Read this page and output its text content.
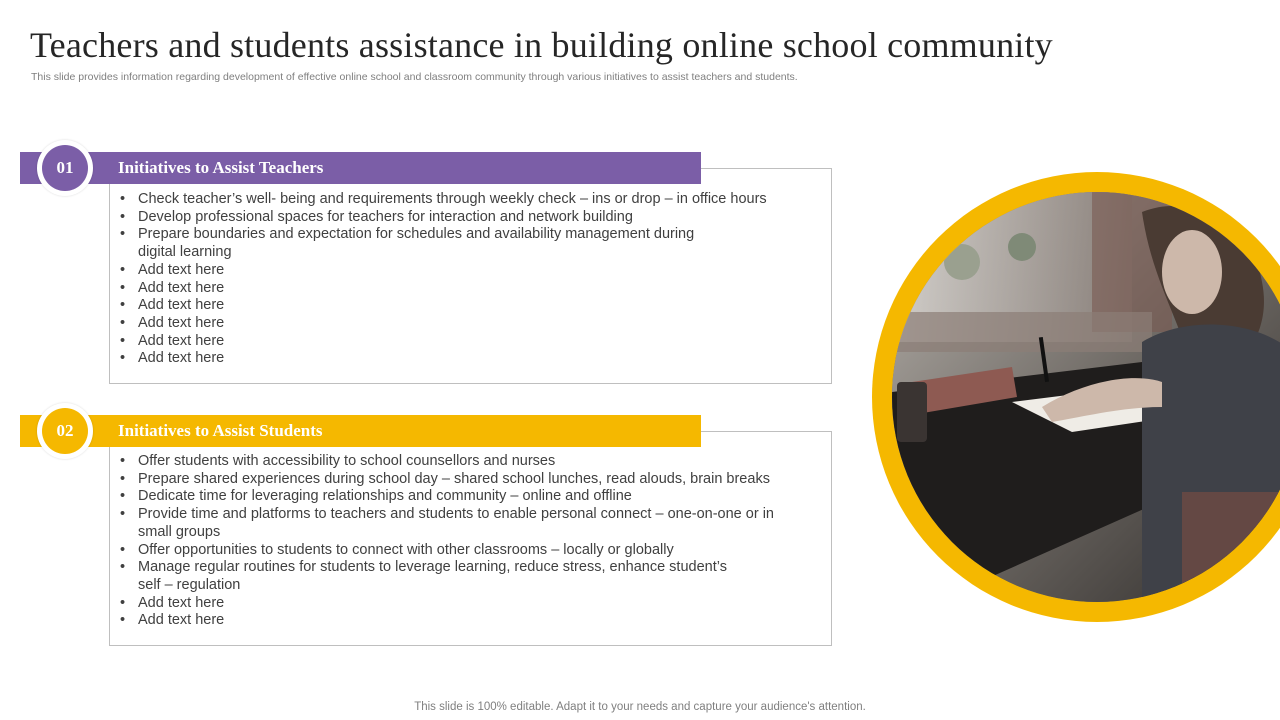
Teachers and students assistance in building online school community
This slide provides information regarding development of effective online school and classroom community through various initiatives to assist teachers and students.
01	Initiatives to Assist Teachers
• Check teacher’s well- being and requirements through weekly check – ins or drop – in office hours
• Develop professional spaces for teachers for interaction and network building
• Prepare boundaries and expectation for schedules and availability management during digital learning
• Add text here
• Add text here
• Add text here
• Add text here
• Add text here
• Add text here
02	Initiatives to Assist Students
• Offer students with accessibility to school counsellors and nurses
• Prepare shared experiences during school day – shared school lunches, read alouds, brain breaks
• Dedicate time for leveraging relationships and community – online and offline
• Provide time and platforms to teachers and students to enable personal connect – one-on-one or in small groups
• Offer opportunities to students to connect with other classrooms – locally or globally
• Manage regular routines for students to leverage learning, reduce stress, enhance student’s self – regulation
• Add text here
• Add text here
This slide is 100% editable. Adapt it to your needs and capture your audience's attention.
